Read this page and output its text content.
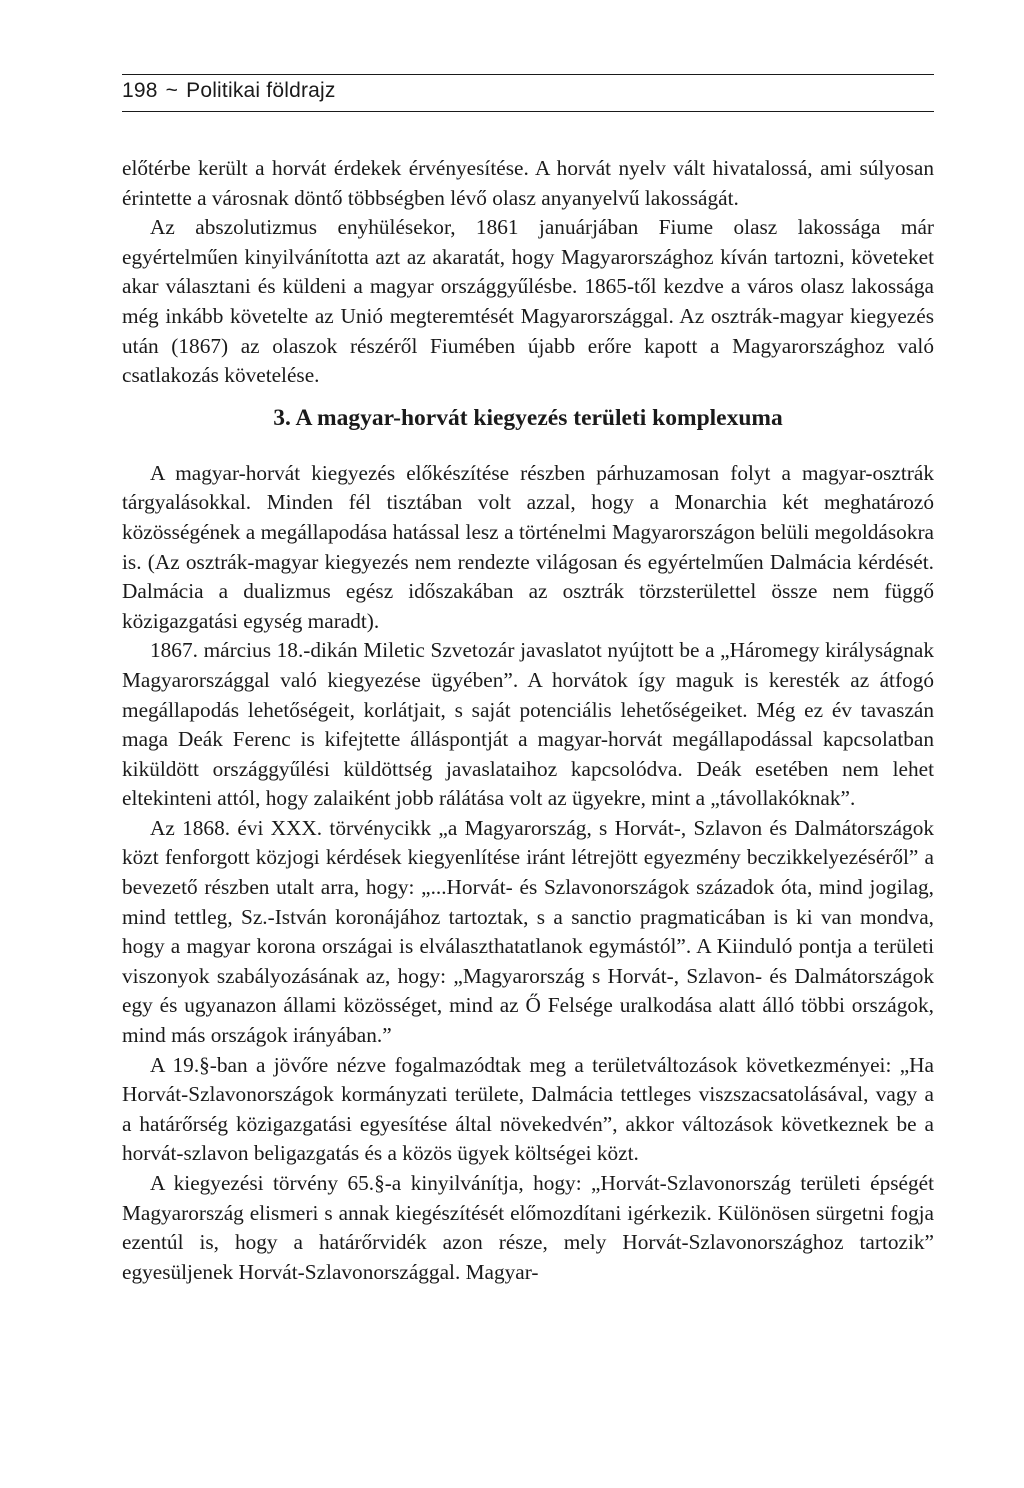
198 ~ Politikai földrajz

előtérbe került a horvát érdekek érvényesítése. A horvát nyelv vált hivatalossá, ami súlyosan érintette a városnak döntő többségben lévő olasz anyanyelvű lakosságát.

Az abszolutizmus enyhülésekor, 1861 januárjában Fiume olasz lakossága már egyértelműen kinyilvánította azt az akaratát, hogy Magyarországhoz kíván tartozni, követeket akar választani és küldeni a magyar országgyűlésbe. 1865-től kezdve a város olasz lakossága még inkább követelte az Unió megteremtését Magyarországgal. Az osztrák-magyar kiegyezés után (1867) az olaszok részéről Fiumében újabb erőre kapott a Magyarországhoz való csatlakozás követelése.

3. A magyar-horvát kiegyezés területi komplexuma

A magyar-horvát kiegyezés előkészítése részben párhuzamosan folyt a magyar-osztrák tárgyalásokkal. Minden fél tisztában volt azzal, hogy a Monarchia két meghatározó közösségének a megállapodása hatással lesz a történelmi Magyarországon belüli megoldásokra is. (Az osztrák-magyar kiegyezés nem rendezte világosan és egyértelműen Dalmácia kérdését. Dalmácia a dualizmus egész időszakában az osztrák törzsterülettel össze nem függő közigazgatási egység maradt).

1867. március 18.-dikán Miletic Szvetozár javaslatot nyújtott be a „Háromegy királyságnak Magyarországgal való kiegyezése ügyében”. A horvátok így maguk is keresték az átfogó megállapodás lehetőségeit, korlátjait, s saját potenciális lehetőségeiket. Még ez év tavaszán maga Deák Ferenc is kifejtette álláspontját a magyar-horvát megállapodással kapcsolatban kiküldött országgyűlési küldöttség javaslataihoz kapcsolódva. Deák esetében nem lehet eltekinteni attól, hogy zalaiként jobb rálátása volt az ügyekre, mint a „távollakóknak”.

Az 1868. évi XXX. törvénycikk „a Magyarország, s Horvát-, Szlavon és Dalmátországok közt fenforgott közjogi kérdések kiegyenlítése iránt létrejött egyezmény beczikkelyezéséről” a bevezető részben utalt arra, hogy: „...Horvát- és Szlavonországok századok óta, mind jogilag, mind tettleg, Sz.-István koronájához tartoztak, s a sanctio pragmaticában is ki van mondva, hogy a magyar korona országai is elválaszthatatlanok egymástól”. A Kiinduló pontja a területi viszonyok szabályozásának az, hogy: „Magyarország s Horvát-, Szlavon- és Dalmátországok egy és ugyanazon állami közösséget, mind az Ő Felsége uralkodása alatt álló többi országok, mind más országok irányában.”

A 19.§-ban a jövőre nézve fogalmazódtak meg a területváltozások következményei: „Ha Horvát-Szlavonországok kormányzati területe, Dalmácia tettleges viszszacsatolásával, vagy a a határőrség közigazgatási egyesítése által növekedvén”, akkor változások következnek be a horvát-szlavon beligazgatás és a közös ügyek költségei közt.

A kiegyezési törvény 65.§-a kinyilvánítja, hogy: „Horvát-Szlavonország területi épségét Magyarország elismeri s annak kiegészítését előmozdítani igérkezik. Különösen sürgetni fogja ezentúl is, hogy a határőrvidék azon része, mely Horvát-Szlavonországhoz tartozik” egyesüljenek Horvát-Szlavonországgal. Magyar-
